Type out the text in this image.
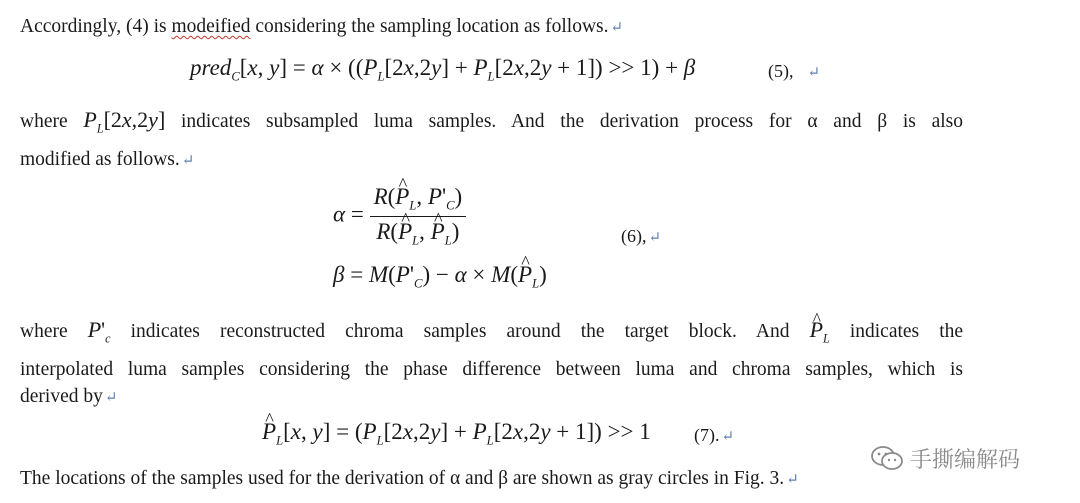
Accordingly, (4) is modeified considering the sampling location as follows. ↵
pred$_C$[x, $y] = \alpha \times ((P_L[2x,2y] + P_L[2x,2y + 1]) >> 1) + \beta$	(5), ↵
where $P_L[2x,2y]$ indicates subsampled luma samples. And the derivation process for α and β is also
modified as follows. ↵
$\alpha = \frac{R(\^{} P_L, P'_C)}{R(\^{} P_L, \^{} P_L)}$	(6), ↵
$\beta = M(P'_C) - \alpha$ × M(^ $P_L$)
where $P'_c$ indicates reconstructed chroma samples around the target block. And ^ $P_L$ indicates the
interpolated luma samples considering the phase difference between luma and chroma samples, which is
derived by ↵
^ $P_L[x$, $y] = (P_L[2x,2y] + P_L[2x,2y + 1]) >> 1$ (7). ↵
手撕编解码
The locations of the samples used for the derivation of α and β are shown as gray circles in Fig. 3. ↵
